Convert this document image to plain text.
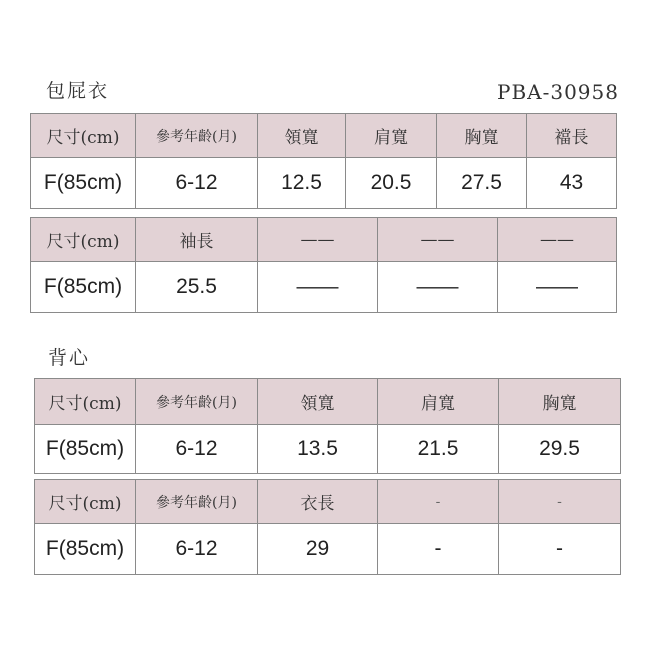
包屁衣	PBA-30958
尺寸(cm)	參考年齡(月)	領寬	肩寬	胸寬	襠長
F(85cm)	6-12	12.5	20.5	27.5	43
尺寸(cm)	袖長	——	——	——
F(85cm)	25.5	——	——	——
背心
尺寸(cm)	參考年齡(月)	領寬	肩寬	胸寬
F(85cm)	6-12	13.5	21.5	29.5
尺寸(cm)	參考年齡(月)	衣長	-	-
F(85cm)	6-12	29	-	-
